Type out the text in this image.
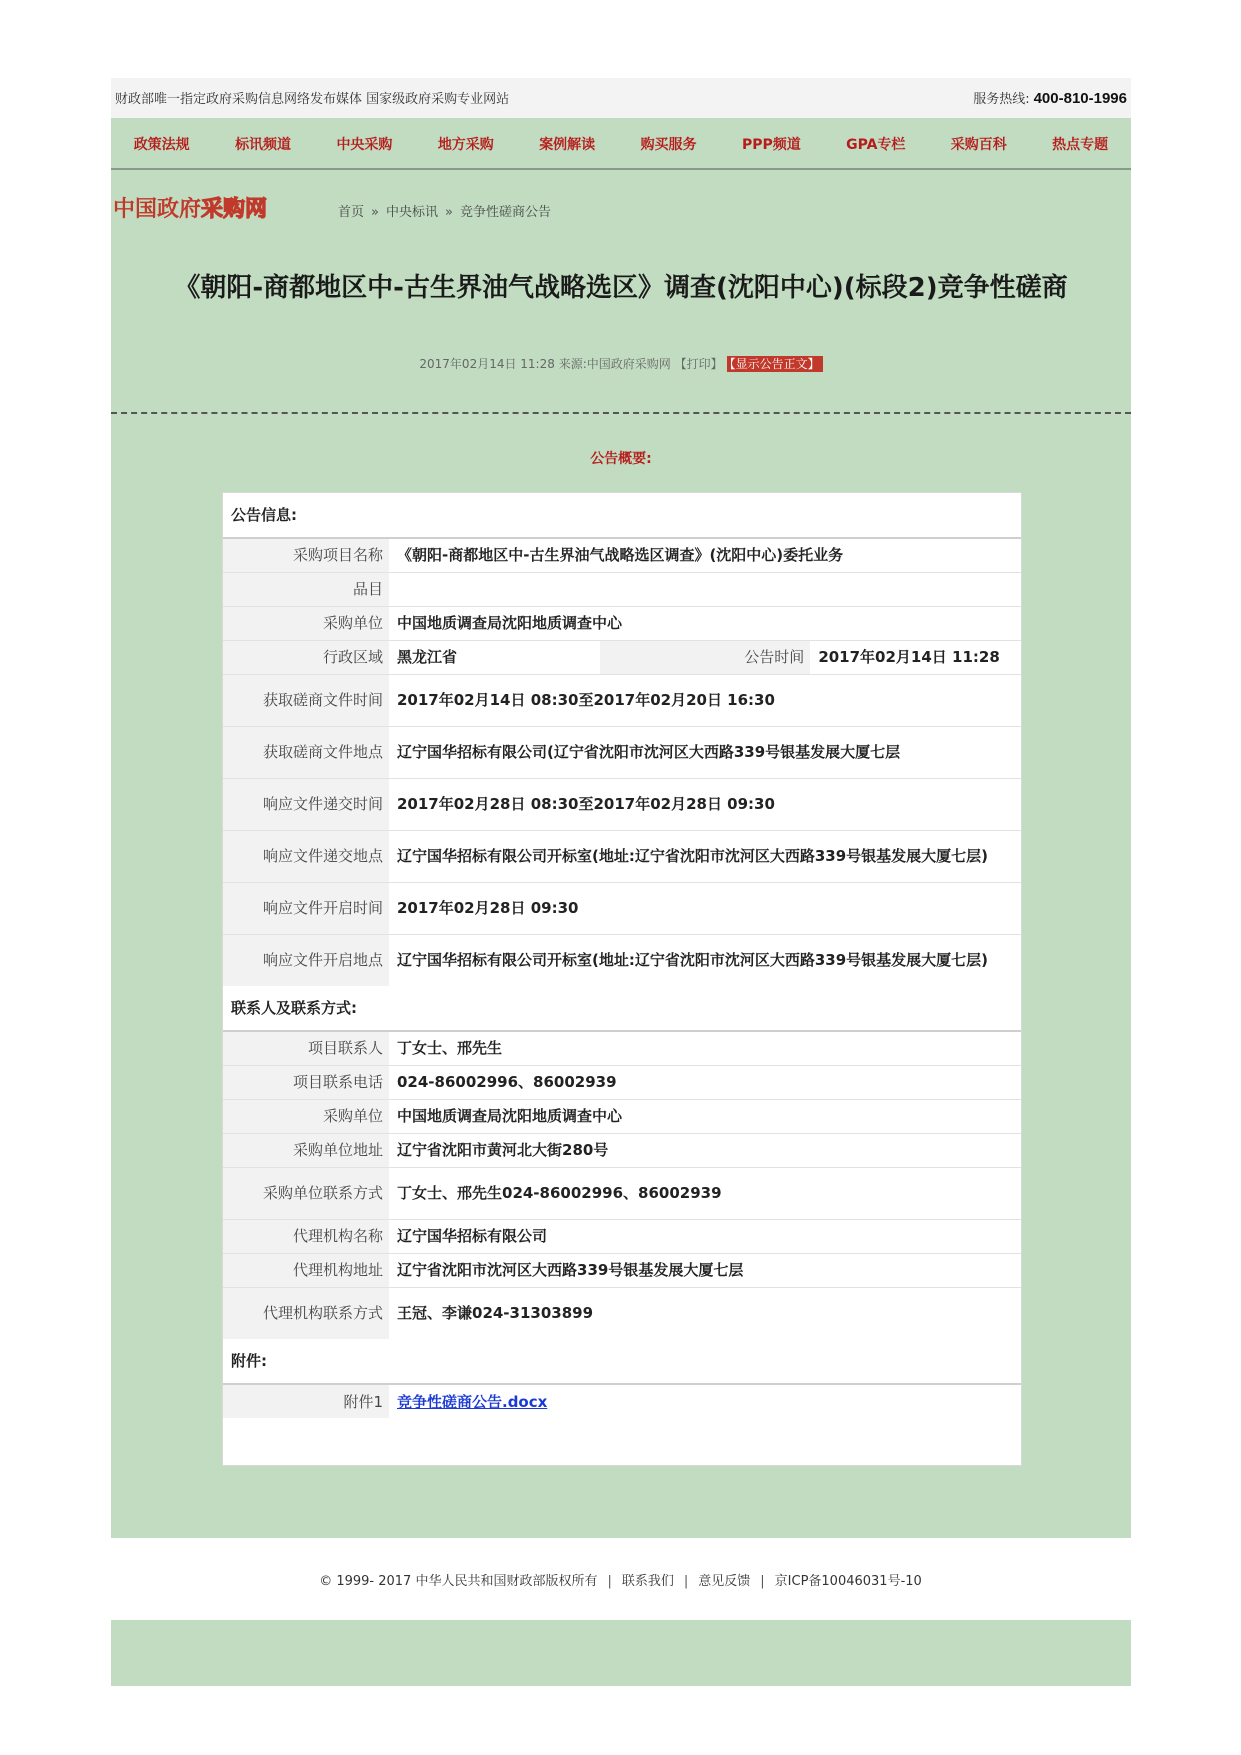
财政部唯一指定政府采购信息网络发布媒体 国家级政府采购专业网站	服务热线: 400-810-1996
政策法规	标讯频道	中央采购	地方采购	案例解读	购买服务	PPP频道	GPA专栏	采购百科	热点专题
中国政府 采购网	首页 » 中央标讯 » 竞争性磋商公告
《朝阳-商都地区中-古生界油气战略选区》调查(沈阳中心)(标段2)竞争性磋商
2017年02月14日 11:28 来源:中国政府采购网 【打印】 【显示公告正文】
公告概要:
公告信息:
采购项目名称	《朝阳-商都地区中-古生界油气战略选区调查》(沈阳中心)委托业务		
品目			
采购单位	中国地质调查局沈阳地质调查中心		
行政区域	黑龙江省	公告时间	2017年02月14日 11:28
获取磋商文件时间	2017年02月14日 08:30至2017年02月20日 16:30		
获取磋商文件地点	辽宁国华招标有限公司(辽宁省沈阳市沈河区大西路339号银基发展大厦七层		
响应文件递交时间	2017年02月28日 08:30至2017年02月28日 09:30		
响应文件递交地点	辽宁国华招标有限公司开标室(地址:辽宁省沈阳市沈河区大西路339号银基发展大厦七层)		
响应文件开启时间	2017年02月28日 09:30		
响应文件开启地点	辽宁国华招标有限公司开标室(地址:辽宁省沈阳市沈河区大西路339号银基发展大厦七层)		
联系人及联系方式:
项目联系人	丁女士、邢先生
项目联系电话	024-86002996、86002939
采购单位	中国地质调查局沈阳地质调查中心
采购单位地址	辽宁省沈阳市黄河北大街280号
采购单位联系方式	丁女士、邢先生024-86002996、86002939
代理机构名称	辽宁国华招标有限公司
代理机构地址	辽宁省沈阳市沈河区大西路339号银基发展大厦七层
代理机构联系方式	王冠、李谦024-31303899
附件:
附件1	竞争性磋商公告.docx
© 1999- 2017 中华人民共和国财政部版权所有 | 联系我们 | 意见反馈 | 京ICP备10046031号-10
